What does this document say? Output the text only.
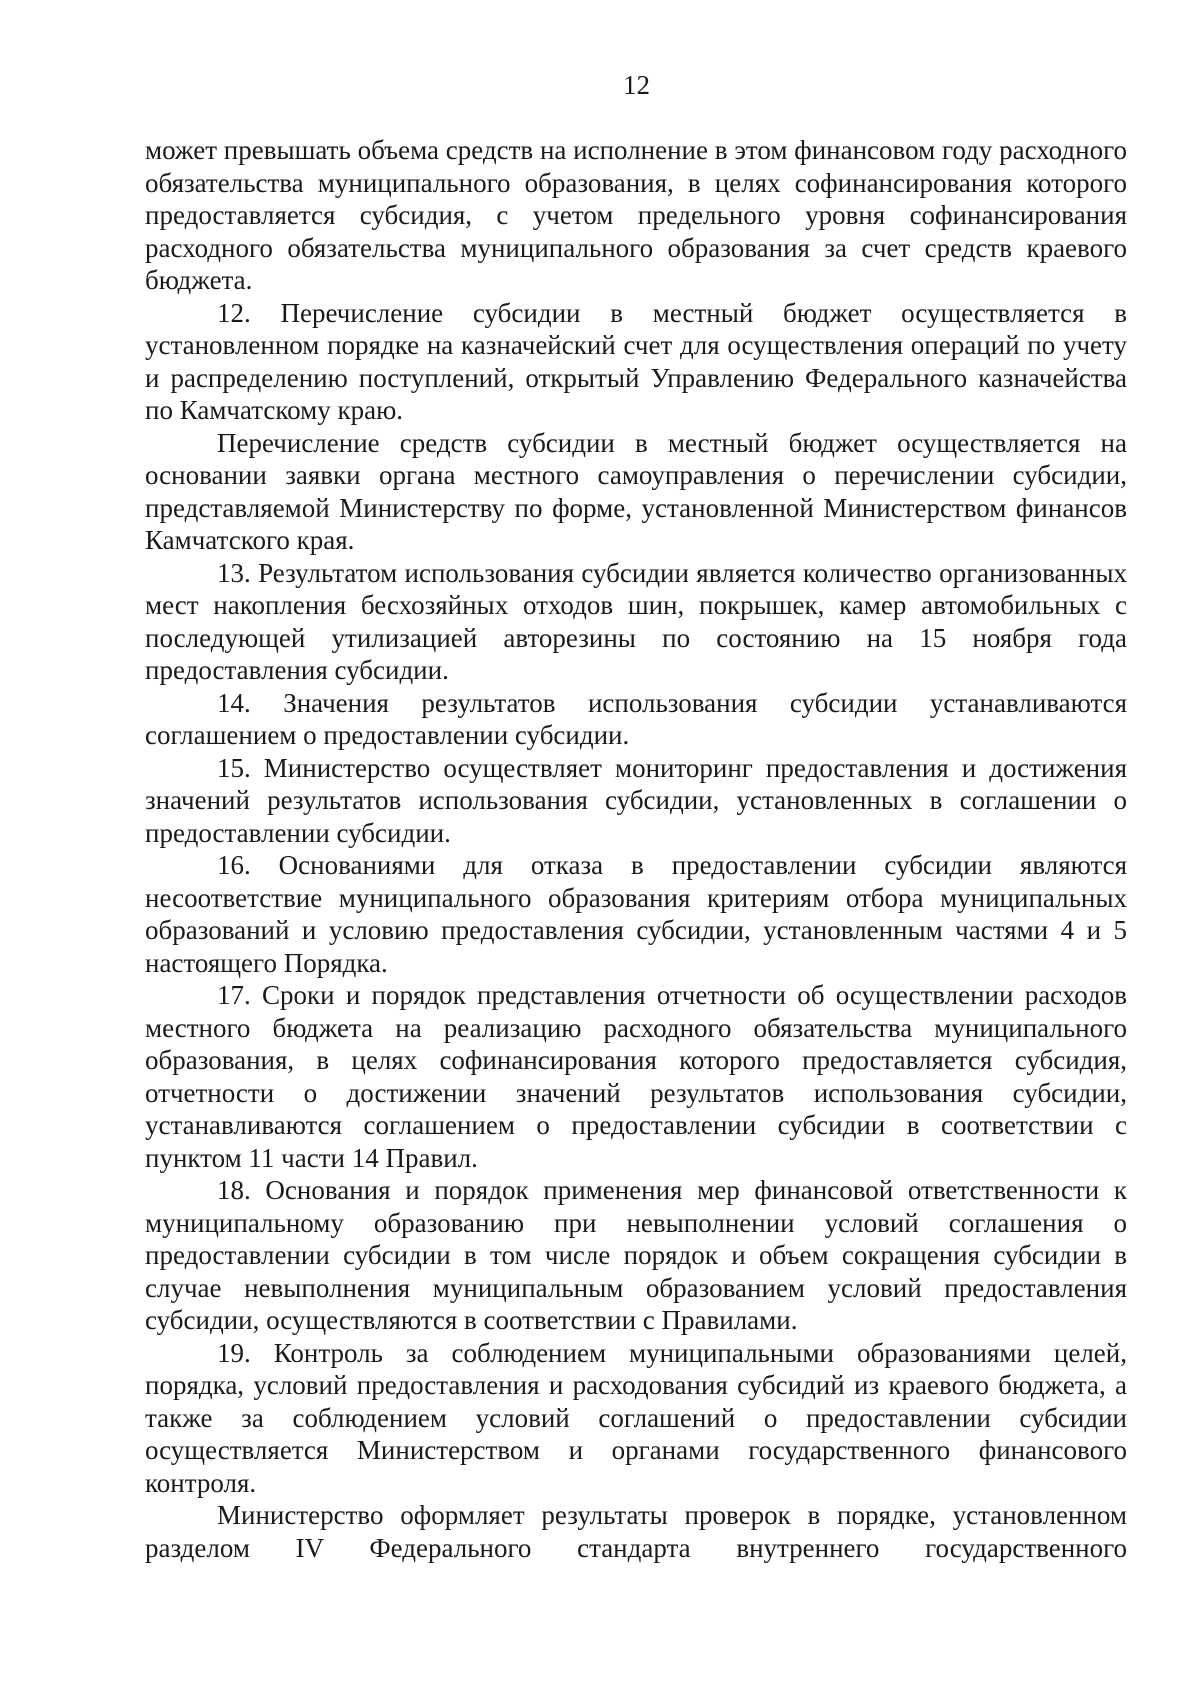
12

может превышать объема средств на исполнение в этом финансовом году расходного обязательства муниципального образования, в целях софинансирования которого предоставляется субсидия, с учетом предельного уровня софинансирования расходного обязательства муниципального образования за счет средств краевого бюджета.

12. Перечисление субсидии в местный бюджет осуществляется в установленном порядке на казначейский счет для осуществления операций по учету и распределению поступлений, открытый Управлению Федерального казначейства по Камчатскому краю.

Перечисление средств субсидии в местный бюджет осуществляется на основании заявки органа местного самоуправления о перечислении субсидии, представляемой Министерству по форме, установленной Министерством финансов Камчатского края.

13. Результатом использования субсидии является количество организованных мест накопления бесхозяйных отходов шин, покрышек, камер автомобильных с последующей утилизацией авторезины по состоянию на 15 ноября года предоставления субсидии.

14. Значения результатов использования субсидии устанавливаются соглашением о предоставлении субсидии.

15. Министерство осуществляет мониторинг предоставления и достижения значений результатов использования субсидии, установленных в соглашении о предоставлении субсидии.

16. Основаниями для отказа в предоставлении субсидии являются несоответствие муниципального образования критериям отбора муниципальных образований и условию предоставления субсидии, установленным частями 4 и 5 настоящего Порядка.

17. Сроки и порядок представления отчетности об осуществлении расходов местного бюджета на реализацию расходного обязательства муниципального образования, в целях софинансирования которого предоставляется субсидия, отчетности о достижении значений результатов использования субсидии, устанавливаются соглашением о предоставлении субсидии в соответствии с пунктом 11 части 14 Правил.

18. Основания и порядок применения мер финансовой ответственности к муниципальному образованию при невыполнении условий соглашения о предоставлении субсидии в том числе порядок и объем сокращения субсидии в случае невыполнения муниципальным образованием условий предоставления субсидии, осуществляются в соответствии с Правилами.

19. Контроль за соблюдением муниципальными образованиями целей, порядка, условий предоставления и расходования субсидий из краевого бюджета, а также за соблюдением условий соглашений о предоставлении субсидии осуществляется Министерством и органами государственного финансового контроля.

Министерство оформляет результаты проверок в порядке, установленном разделом IV Федерального стандарта внутреннего государственного
